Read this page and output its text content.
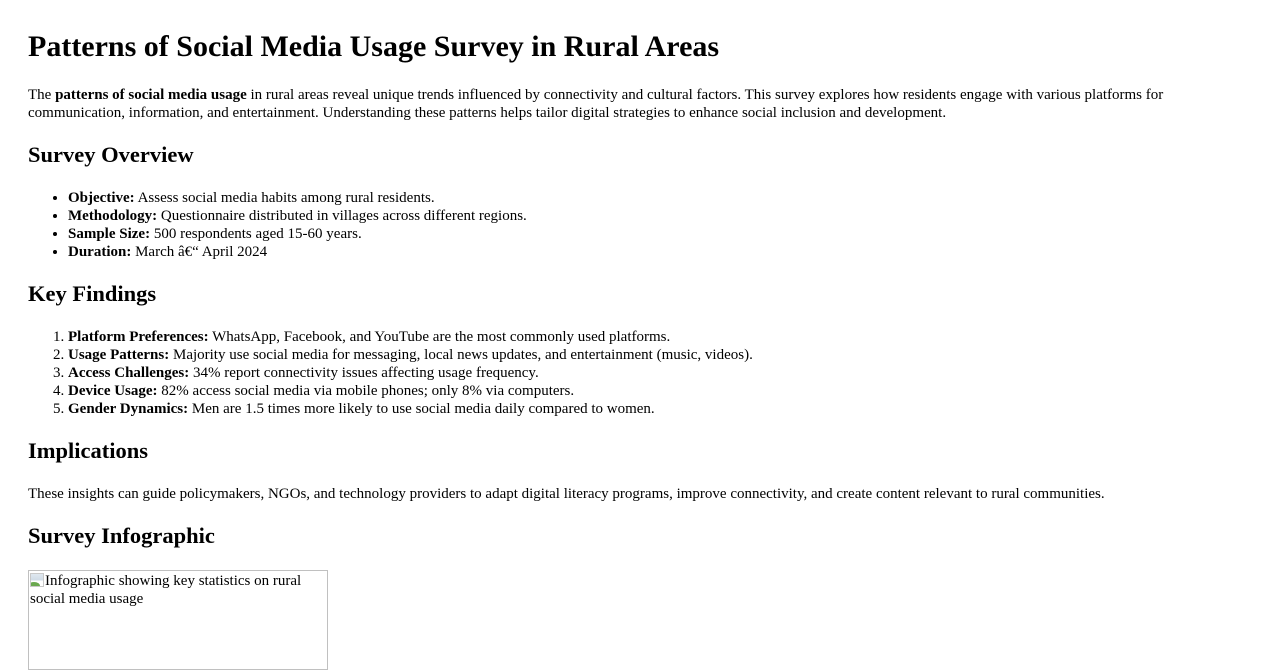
Patterns of Social Media Usage Survey in Rural Areas

The patterns of social media usage in rural areas reveal unique trends influenced by connectivity and cultural factors. This survey explores how residents engage with various platforms for communication, information, and entertainment. Understanding these patterns helps tailor digital strategies to enhance social inclusion and development.

Survey Overview
• Objective: Assess social media habits among rural residents.
• Methodology: Questionnaire distributed in villages across different regions.
• Sample Size: 500 respondents aged 15-60 years.
• Duration: March â€“ April 2024
Key Findings
1. Platform Preferences: WhatsApp, Facebook, and YouTube are the most commonly used platforms.
2. Usage Patterns: Majority use social media for messaging, local news updates, and entertainment (music, videos).
3. Access Challenges: 34% report connectivity issues affecting usage frequency.
4. Device Usage: 82% access social media via mobile phones; only 8% via computers.
5. Gender Dynamics: Men are 1.5 times more likely to use social media daily compared to women.
Implications

These insights can guide policymakers, NGOs, and technology providers to adapt digital literacy programs, improve connectivity, and create content relevant to rural communities.

Survey Infographic
Infographic showing key statistics on rural social media usage
